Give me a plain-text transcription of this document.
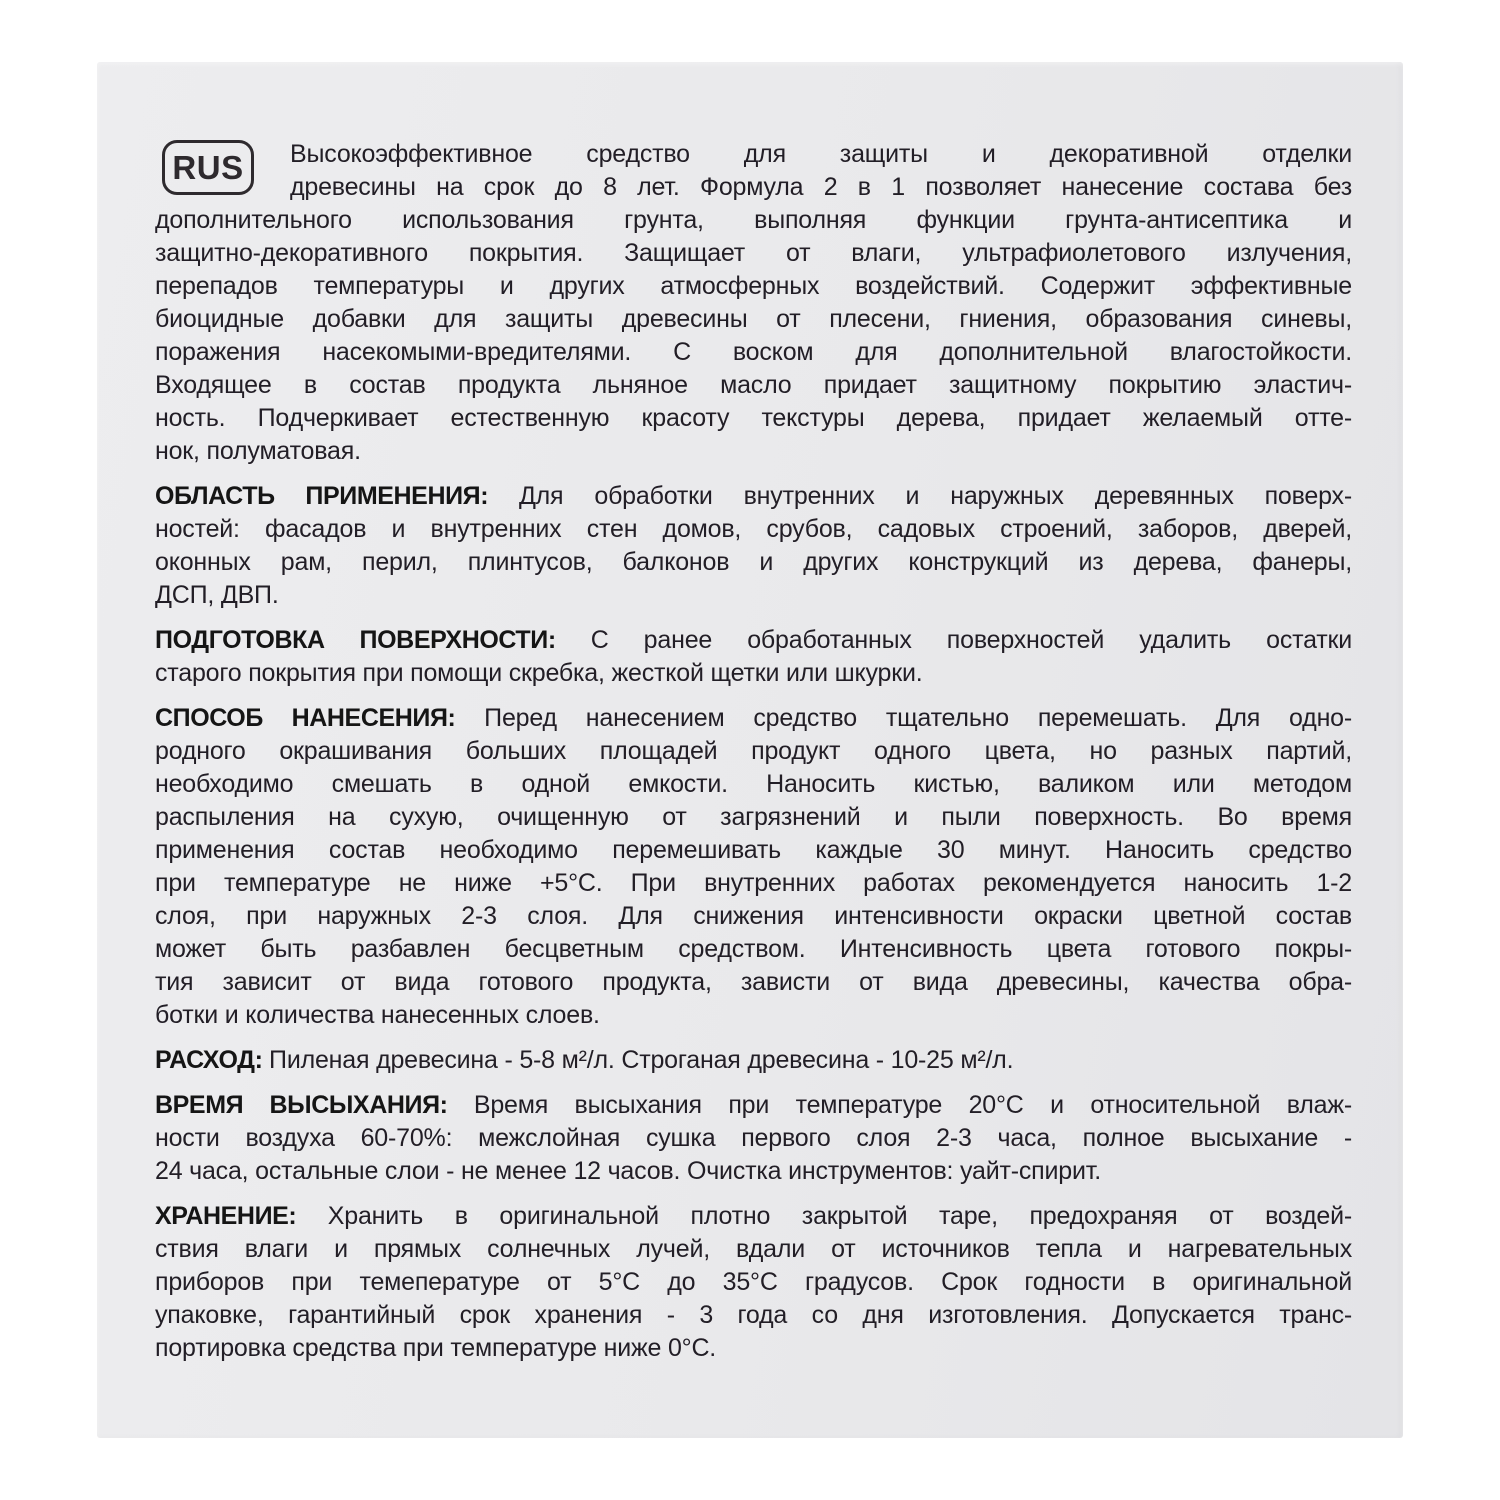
RUS	Высокоэффективное средство для защиты и декоративной отделки
древесины на срок до 8 лет. Формула 2 в 1 позволяет нанесение состава без
дополнительного использования грунта, выполняя функции грунта-антисептика и
защитно-декоративного покрытия. Защищает от влаги, ультрафиолетового излучения,
перепадов температуры и других атмосферных воздействий. Содержит эффективные
биоцидные добавки для защиты древесины от плесени, гниения, образования синевы,
поражения насекомыми-вредителями. С воском для дополнительной влагостойкости.
Входящее в состав продукта льняное масло придает защитному покрытию эластич-
ность. Подчеркивает естественную красоту текстуры дерева, придает желаемый отте-
нок, полуматовая.
ОБЛАСТЬ ПРИМЕНЕНИЯ: Для обработки внутренних и наружных деревянных поверх-
ностей: фасадов и внутренних стен домов, срубов, садовых строений, заборов, дверей,
оконных рам, перил, плинтусов, балконов и других конструкций из дерева, фанеры,
ДСП, ДВП.
ПОДГОТОВКА ПОВЕРХНОСТИ: С ранее обработанных поверхностей удалить остатки
старого покрытия при помощи скребка, жесткой щетки или шкурки.
СПОСОБ НАНЕСЕНИЯ: Перед нанесением средство тщательно перемешать. Для одно-
родного окрашивания больших площадей продукт одного цвета, но разных партий,
необходимо смешать в одной емкости. Наносить кистью, валиком или методом
распыления на сухую, очищенную от загрязнений и пыли поверхность. Во время
применения состав необходимо перемешивать каждые 30 минут. Наносить средство
при температуре не ниже +5°С. При внутренних работах рекомендуется наносить 1-2
слоя, при наружных 2-3 слоя. Для снижения интенсивности окраски цветной состав
может быть разбавлен бесцветным средством. Интенсивность цвета готового покры-
тия зависит от вида готового продукта, зависти от вида древесины, качества обра-
ботки и количества нанесенных слоев.
РАСХОД: Пиленая древесина - 5-8 м²/л. Строганая древесина - 10-25 м²/л.
ВРЕМЯ ВЫСЫХАНИЯ: Время высыхания при температуре 20°С и относительной влаж-
ности воздуха 60-70%: межслойная сушка первого слоя 2-3 часа, полное высыхание -
24 часа, остальные слои - не менее 12 часов. Очистка инструментов: уайт-спирит.
ХРАНЕНИЕ: Хранить в оригинальной плотно закрытой таре, предохраняя от воздей-
ствия влаги и прямых солнечных лучей, вдали от источников тепла и нагревательных
приборов при темепературе от 5°С до 35°С градусов. Срок годности в оригинальной
упаковке, гарантийный срок хранения - 3 года со дня изготовления. Допускается транс-
портировка средства при температуре ниже 0°С.
